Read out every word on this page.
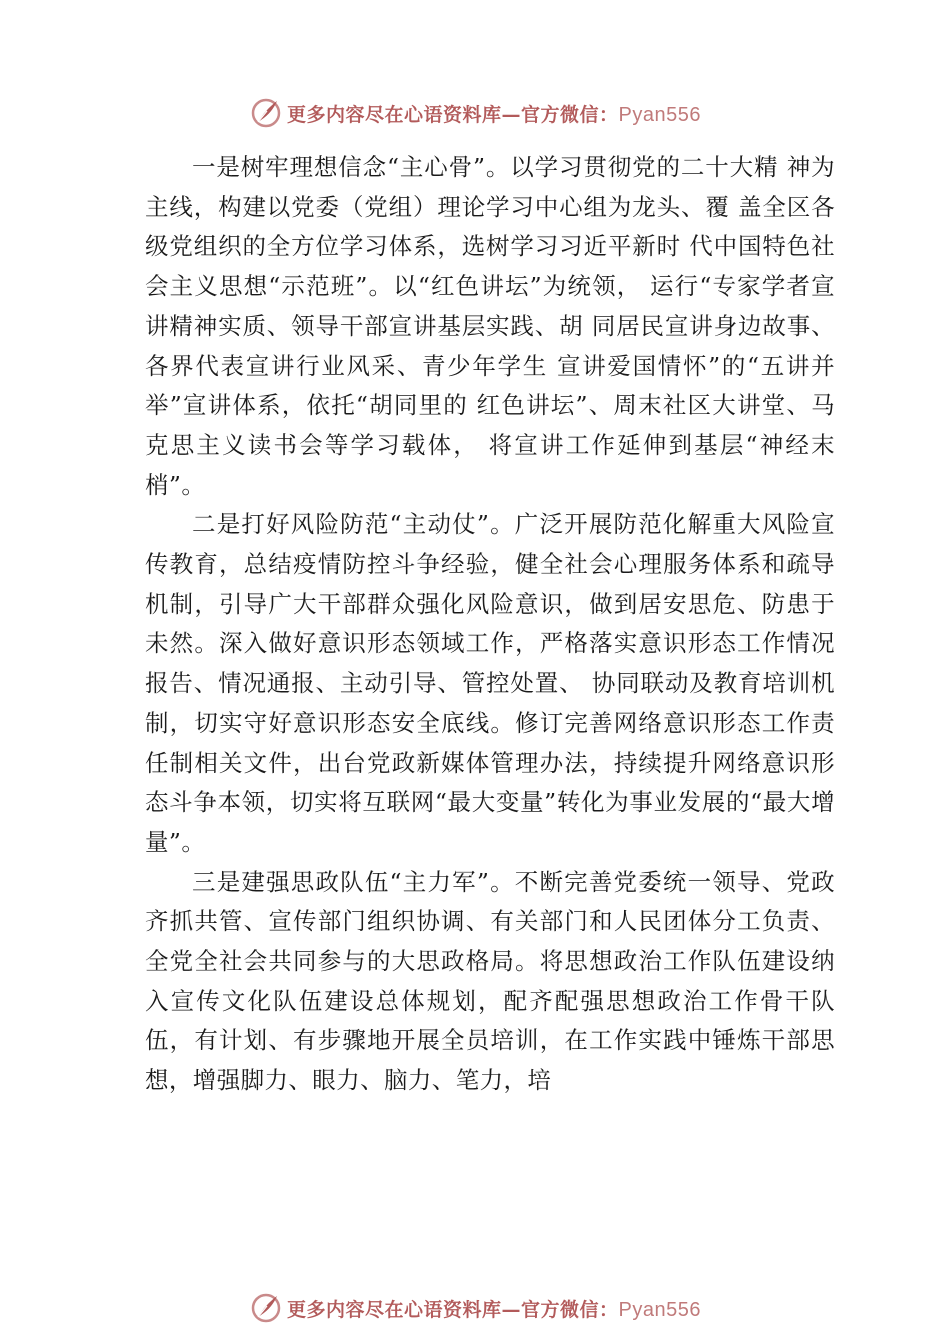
更多内容尽在心语资料库—官方微信：Pyan556

一是树牢理想信念“主心骨”。以学习贯彻党的二十大精 神为主线，构建以党委（党组）理论学习中心组为龙头、覆 盖全区各级党组织的全方位学习体系，选树学习习近平新时 代中国特色社会主义思想“示范班”。以“红色讲坛”为统领， 运行“专家学者宣讲精神实质、领导干部宣讲基层实践、胡 同居民宣讲身边故事、各界代表宣讲行业风采、青少年学生 宣讲爱国情怀”的“五讲并举”宣讲体系，依托“胡同里的 红色讲坛”、周末社区大讲堂、马克思主义读书会等学习载体， 将宣讲工作延伸到基层“神经末梢”。

二是打好风险防范“主动仗”。广泛开展防范化解重大风险宣传教育，总结疫情防控斗争经验，健全社会心理服务体系和疏导机制，引导广大干部群众强化风险意识，做到居安思危、防患于未然。深入做好意识形态领域工作，严格落实意识形态工作情况报告、情况通报、主动引导、管控处置、 协同联动及教育培训机制，切实守好意识形态安全底线。修订完善网络意识形态工作责任制相关文件，出台党政新媒体管理办法，持续提升网络意识形态斗争本领，切实将互联网“最大变量”转化为事业发展的“最大增量”。

三是建强思政队伍“主力军”。不断完善党委统一领导、党政齐抓共管、宣传部门组织协调、有关部门和人民团体分工负责、全党全社会共同参与的大思政格局。将思想政治工作队伍建设纳入宣传文化队伍建设总体规划，配齐配强思想政治工作骨干队伍，有计划、有步骤地开展全员培训，在工作实践中锤炼干部思想，增强脚力、眼力、脑力、笔力，培

更多内容尽在心语资料库—官方微信：Pyan556
